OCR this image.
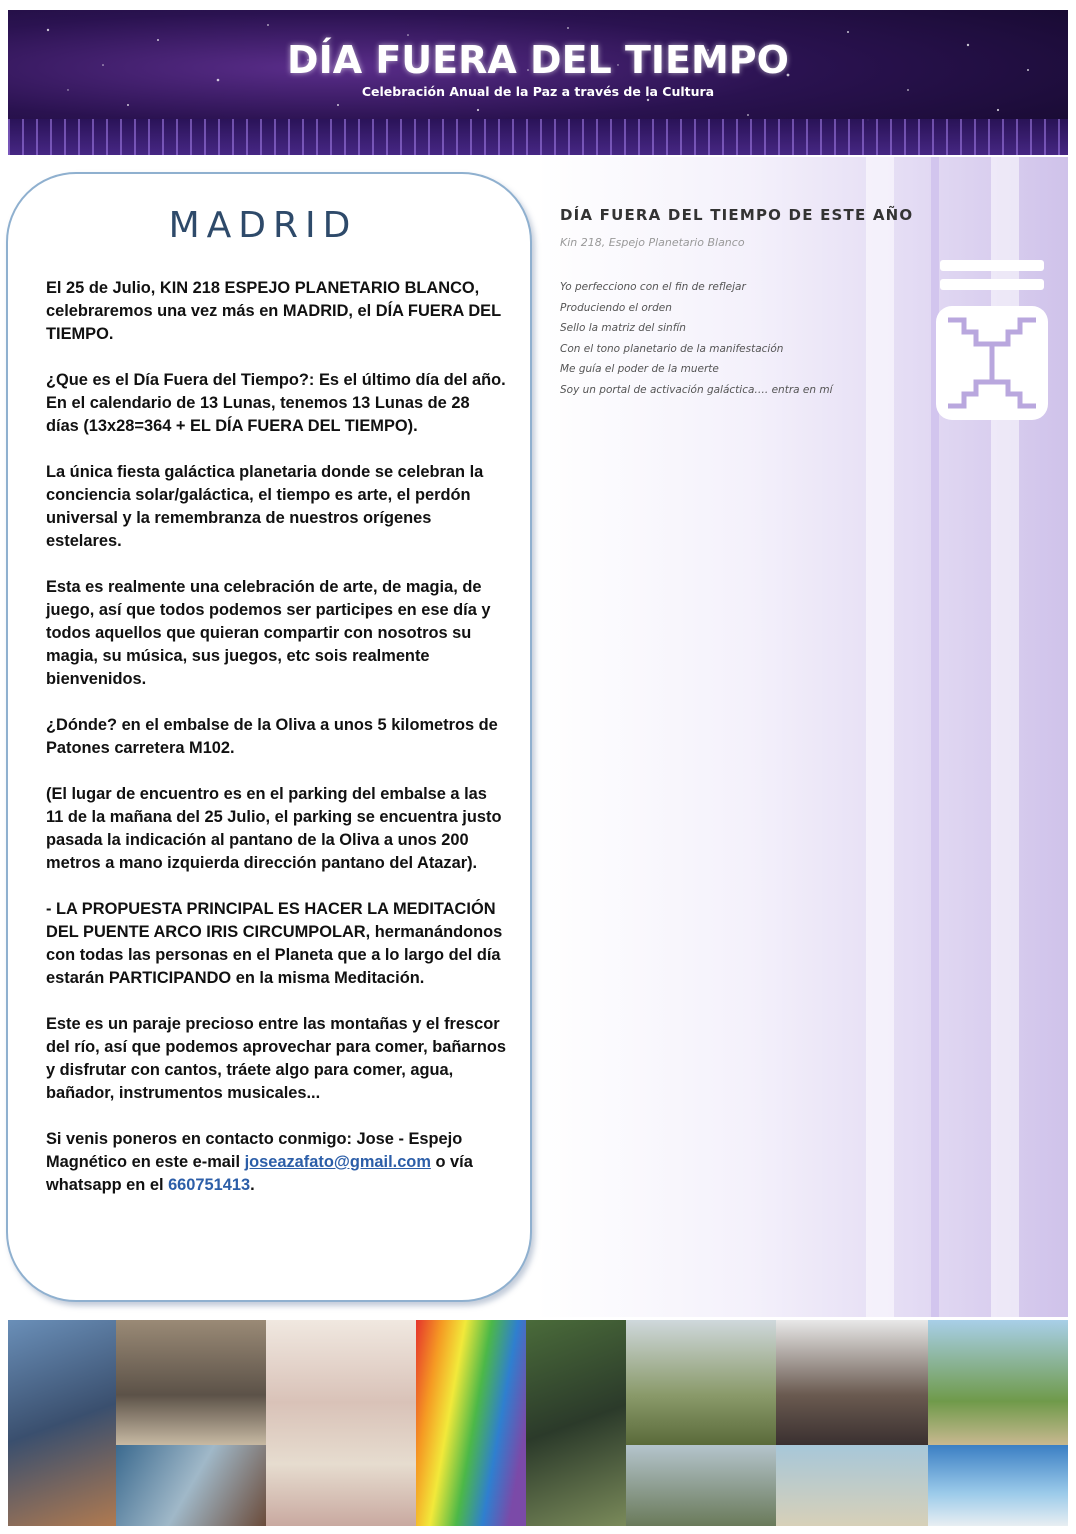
DÍA FUERA DEL TIEMPO
Celebración Anual de la Paz a través de la Cultura
DÍA FUERA DEL TIEMPO DE ESTE AÑO
Kin 218, Espejo Planetario Blanco
Yo perfecciono con el fin de reflejar
Produciendo el orden
Sello la matriz del sinfín
Con el tono planetario de la manifestación
Me guía el poder de la muerte
Soy un portal de activación galáctica…. entra en mí
MADRID

El 25 de Julio, KIN 218 ESPEJO PLANETARIO BLANCO, celebraremos una vez más en MADRID, el DÍA FUERA DEL TIEMPO.

¿Que es el Día Fuera del Tiempo?: Es el último día del año. En el calendario de 13 Lunas, tenemos 13 Lunas de 28 días (13x28=364 + EL DÍA FUERA DEL TIEMPO).

La única fiesta galáctica planetaria donde se celebran la conciencia solar/galáctica, el tiempo es arte, el perdón universal y la remembranza de nuestros orígenes estelares.

Esta es realmente una celebración de arte, de magia, de juego, así que todos podemos ser participes en ese día y todos aquellos que quieran compartir con nosotros su magia, su música, sus juegos, etc sois realmente bienvenidos.

¿Dónde? en el embalse de la Oliva a unos 5 kilometros de Patones carretera M102.

(El lugar de encuentro es en el parking del embalse a las 11 de la mañana del 25 Julio, el parking se encuentra justo pasada la indicación al pantano de la Oliva a unos 200 metros a mano izquierda dirección pantano del Atazar).

- LA PROPUESTA PRINCIPAL ES HACER LA MEDITACIÓN DEL PUENTE ARCO IRIS CIRCUMPOLAR, hermanándonos con todas las personas en el Planeta que a lo largo del día estarán PARTICIPANDO en la misma Meditación.

Este es un paraje precioso entre las montañas y el frescor del río, así que podemos aprovechar para comer, bañarnos y disfrutar con cantos, tráete algo para comer, agua, bañador, instrumentos musicales...

Si venis poneros en contacto conmigo: Jose - Espejo Magnético en este e-mail joseazafato@gmail.com o vía whatsapp en el 660751413.
